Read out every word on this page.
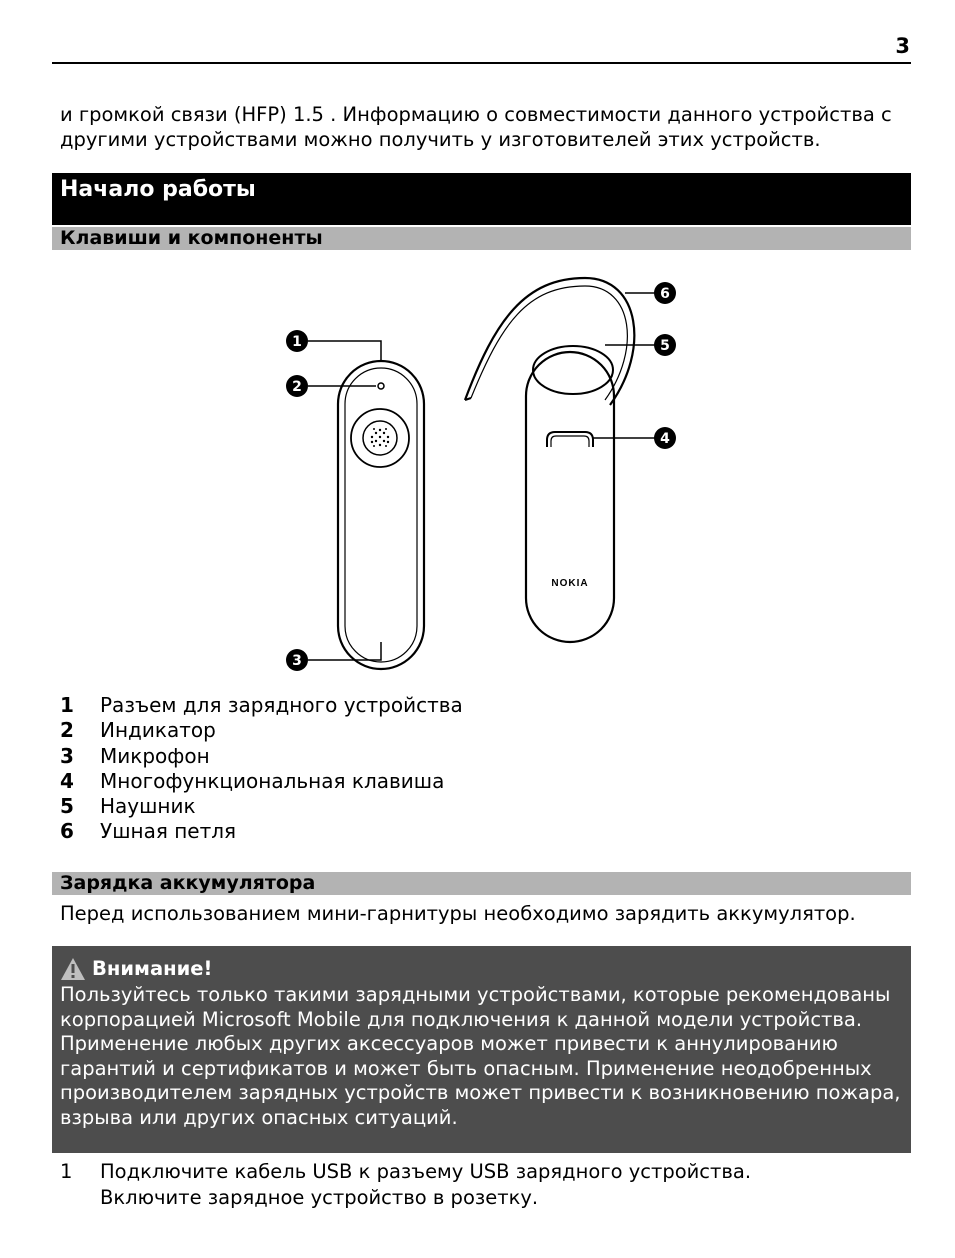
3
и громкой связи (HFP) 1.5 . Информацию о совместимости данного устройства с другими устройствами можно получить у изготовителей этих устройств.
Начало работы
Клавиши и компоненты
NOKIA
1
2
3
4
5
6
1	Разъем для зарядного устройства
2	Индикатор
3	Микрофон
4	Многофункциональная клавиша
5	Наушник
6	Ушная петля
Зарядка аккумулятора
Перед использованием мини-гарнитуры необходимо зарядить аккумулятор.
Внимание!
Пользуйтесь только такими зарядными устройствами, которые рекомендованы корпорацией Microsoft Mobile для подключения к данной модели устройства. Применение любых других аксессуаров может привести к аннулированию гарантий и сертификатов и может быть опасным. Применение неодобренных производителем зарядных устройств может привести к возникновению пожара, взрыва или других опасных ситуаций.
1	Подключите кабель USB к разъему USB зарядного устройства.
Включите зарядное устройство в розетку.
